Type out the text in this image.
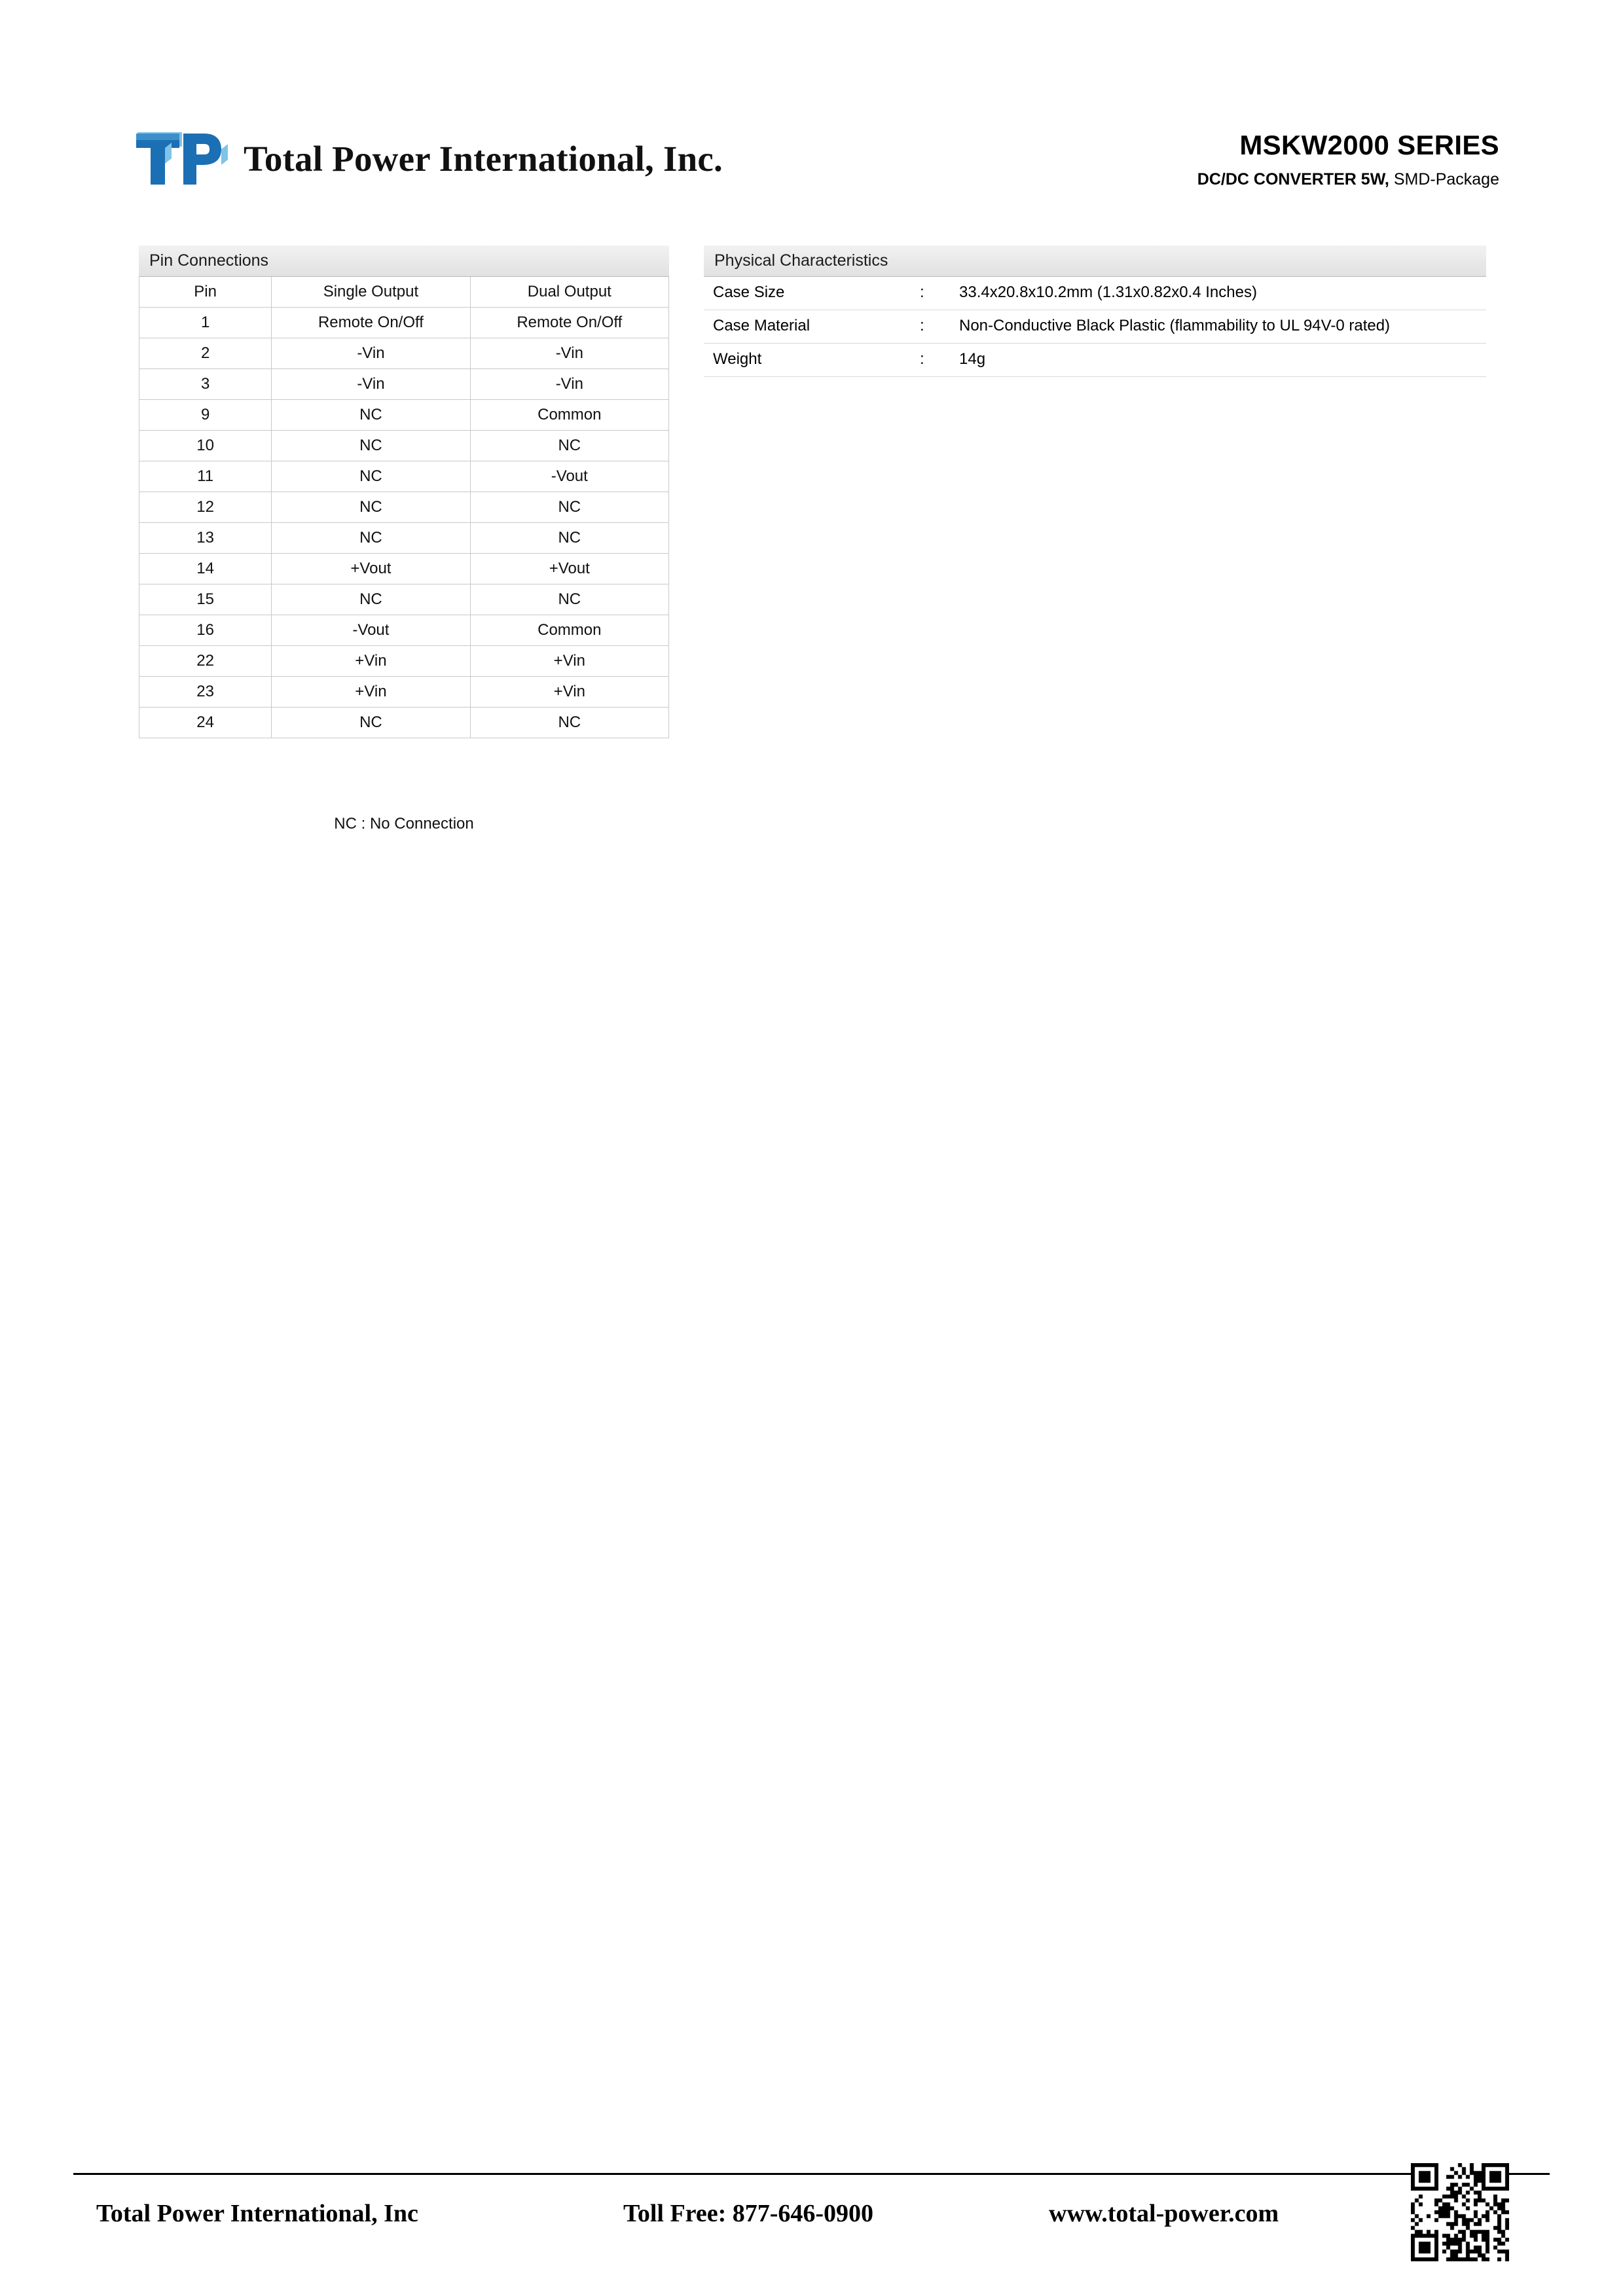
Total Power International, Inc.	MSKW2000 SERIES
DC/DC CONVERTER 5W, SMD-Package
Pin Connections
Pin	Single Output	Dual Output
1	Remote On/Off	Remote On/Off
2	-Vin	-Vin
3	-Vin	-Vin
9	NC	Common
10	NC	NC
11	NC	-Vout
12	NC	NC
13	NC	NC
14	+Vout	+Vout
15	NC	NC
16	-Vout	Common
22	+Vin	+Vin
23	+Vin	+Vin
24	NC	NC
NC : No Connection
Physical Characteristics
Case Size	:	33.4x20.8x10.2mm (1.31x0.82x0.4 Inches)
Case Material	:	Non-Conductive Black Plastic (flammability to UL 94V-0 rated)
Weight	:	14g
Total Power International, Inc	Toll Free: 877-646-0900	www.total-power.com
